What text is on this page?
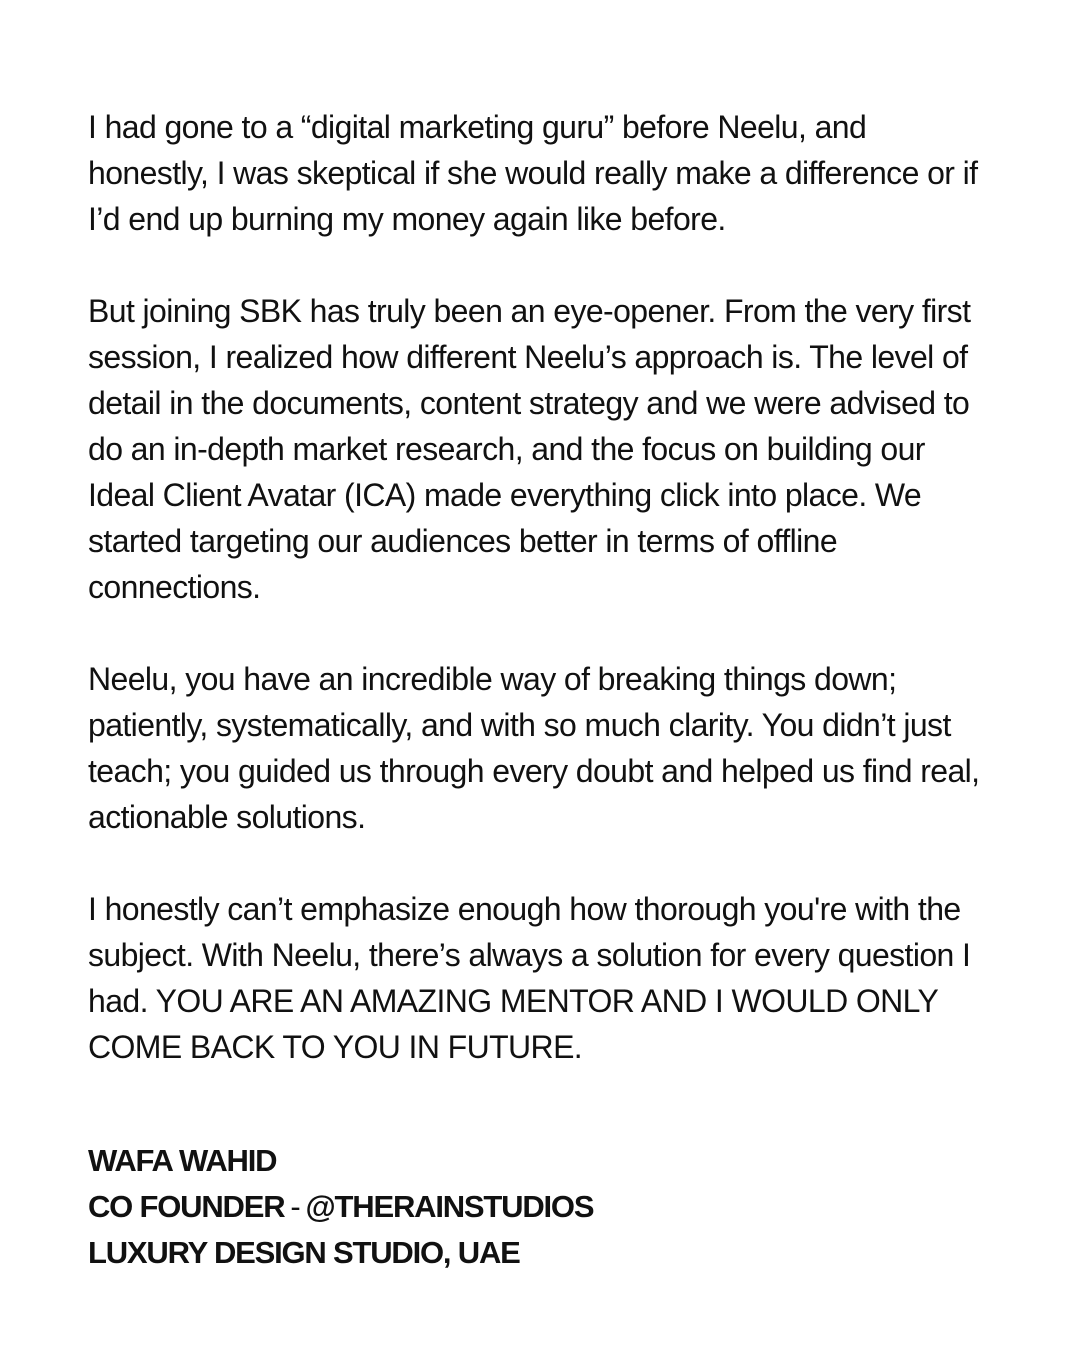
I had gone to a “digital marketing guru” before Neelu, and honestly, I was skeptical if she would really make a difference or if I’d end up burning my money again like before.

But joining SBK has truly been an eye-opener. From the very first session, I realized how different Neelu’s approach is. The level of detail in the documents, content strategy and we were advised to do an in-depth market research, and the focus on building our Ideal Client Avatar (ICA) made everything click into place. We started targeting our audiences better in terms of offline connections.

Neelu, you have an incredible way of breaking things down; patiently, systematically, and with so much clarity. You didn’t just teach; you guided us through every doubt and helped us find real, actionable solutions.

I honestly can’t emphasize enough how thorough you're with the subject. With Neelu, there’s always a solution for every question I had. YOU ARE AN AMAZING MENTOR AND I WOULD ONLY COME BACK TO YOU IN FUTURE.

WAFA WAHID
CO FOUNDER - @THERAINSTUDIOS
LUXURY DESIGN STUDIO, UAE
